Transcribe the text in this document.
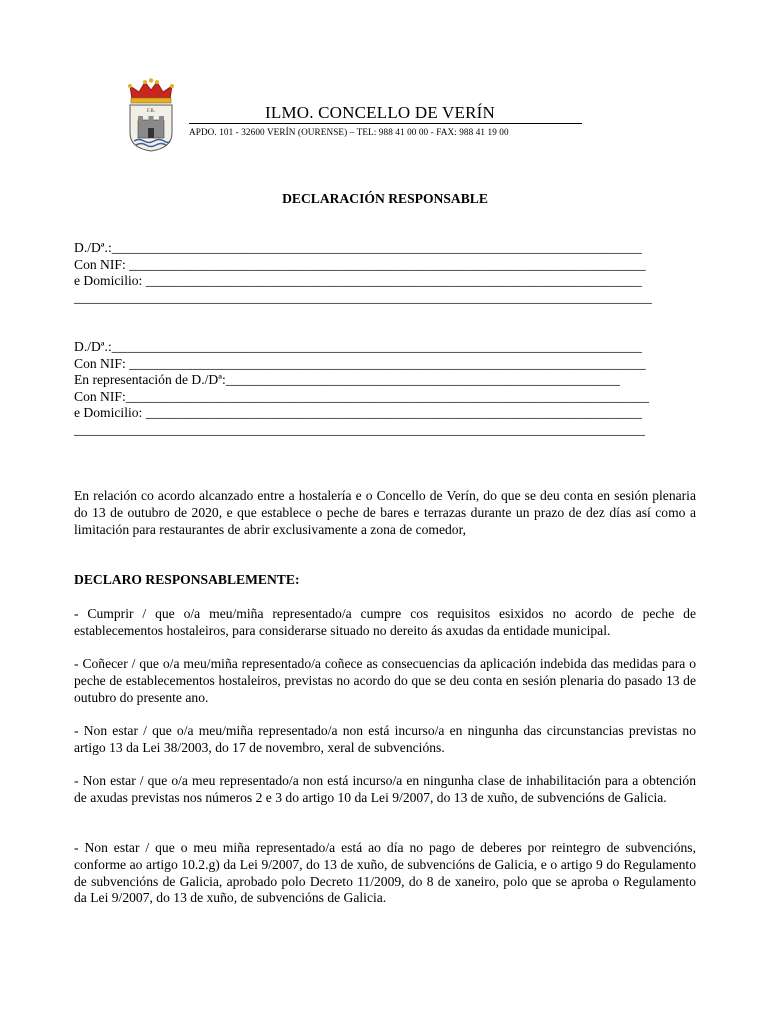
F.R.	ILMO. CONCELLO DE VERÍN
APDO. 101 - 32600 VERÍN (OURENSE) – TEL: 988 41 00 00 - FAX: 988 41 19 00
DECLARACIÓN RESPONSABLE
D./Dª.:______________________________________________________________________________
Con NIF: ____________________________________________________________________________
e Domicilio: _________________________________________________________________________
_____________________________________________________________________________________
D./Dª.:______________________________________________________________________________
Con NIF: ____________________________________________________________________________
En representación de D./Dª:__________________________________________________________
Con NIF:_____________________________________________________________________________
e Domicilio: _________________________________________________________________________
____________________________________________________________________________________
En relación co acordo alcanzado entre a hostalería e o Concello de Verín, do que se deu conta en sesión plenaria do 13 de outubro de 2020, e que establece o peche de bares e terrazas durante un prazo de dez días así como a limitación para restaurantes de abrir exclusivamente a zona de comedor,
DECLARO RESPONSABLEMENTE:
- Cumprir / que o/a meu/miña representado/a cumpre cos requisitos esixidos no acordo de peche de establecementos hostaleiros, para considerarse situado no dereito ás axudas da entidade municipal.
- Coñecer / que o/a meu/miña representado/a coñece as consecuencias da aplicación indebida das medidas para o peche de establecementos hostaleiros, previstas no acordo do que se deu conta en sesión plenaria do pasado 13 de outubro do presente ano.
- Non estar / que o/a meu/miña representado/a non está incurso/a en ningunha das circunstancias previstas no artigo 13 da Lei 38/2003, do 17 de novembro, xeral de subvencións.
- Non estar / que o/a meu representado/a non está incurso/a en ningunha clase de inhabilitación para a obtención de axudas previstas nos números 2 e 3 do artigo 10 da Lei 9/2007, do 13 de xuño, de subvencións de Galicia.
- Non estar / que o meu miña representado/a está ao día no pago de deberes por reintegro de subvencións, conforme ao artigo 10.2.g) da Lei 9/2007, do 13 de xuño, de subvencións de Galicia, e o artigo 9 do Regulamento de subvencións de Galicia, aprobado polo Decreto 11/2009, do 8 de xaneiro, polo que se aproba o Regulamento da Lei 9/2007, do 13 de xuño, de subvencións de Galicia.
